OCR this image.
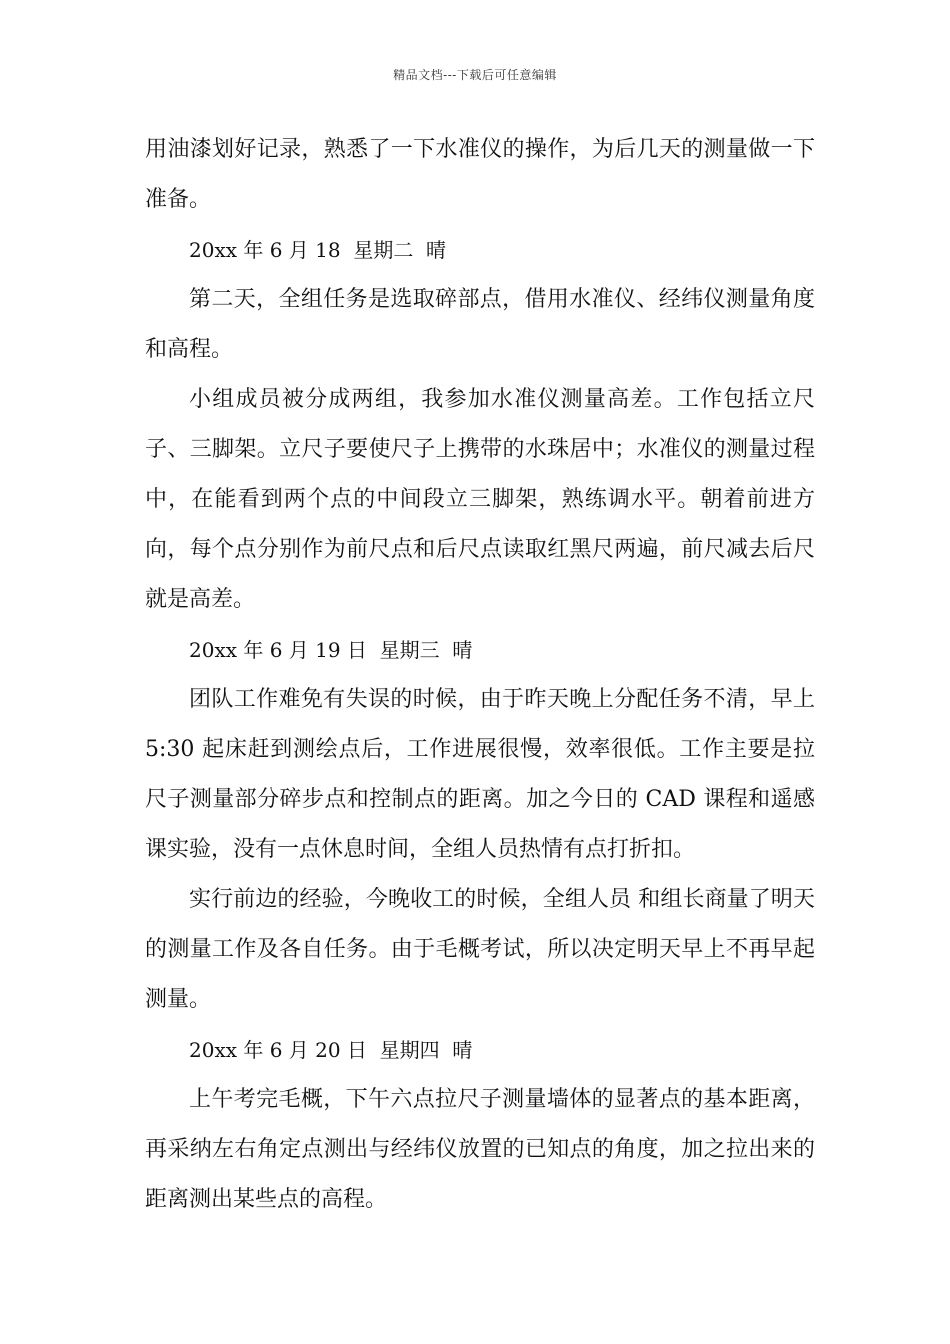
精品文档---下载后可任意编辑

用油漆划好记录，熟悉了一下水准仪的操作，为后几天的测量做一下准备。

20xx 年 6 月 18  星期二  晴

第二天，全组任务是选取碎部点，借用水准仪、经纬仪测量角度和高程。

小组成员被分成两组，我参加水准仪测量高差。工作包括立尺子、三脚架。立尺子要使尺子上携带的水珠居中；水准仪的测量过程中，在能看到两个点的中间段立三脚架，熟练调水平。朝着前进方向，每个点分别作为前尺点和后尺点读取红黑尺两遍，前尺减去后尺就是高差。

20xx 年 6 月 19 日  星期三  晴

团队工作难免有失误的时候，由于昨天晚上分配任务不清，早上 5:30 起床赶到测绘点后，工作进展很慢，效率很低。工作主要是拉尺子测量部分碎步点和控制点的距离。加之今日的 CAD 课程和遥感课实验，没有一点休息时间，全组人员热情有点打折扣。

实行前边的经验，今晚收工的时候，全组人员 和组长商量了明天的测量工作及各自任务。由于毛概考试，所以决定明天早上不再早起测量。

20xx 年 6 月 20 日  星期四  晴

上午考完毛概，下午六点拉尺子测量墙体的显著点的基本距离，再采纳左右角定点测出与经纬仪放置的已知点的角度，加之拉出来的距离测出某些点的高程。
